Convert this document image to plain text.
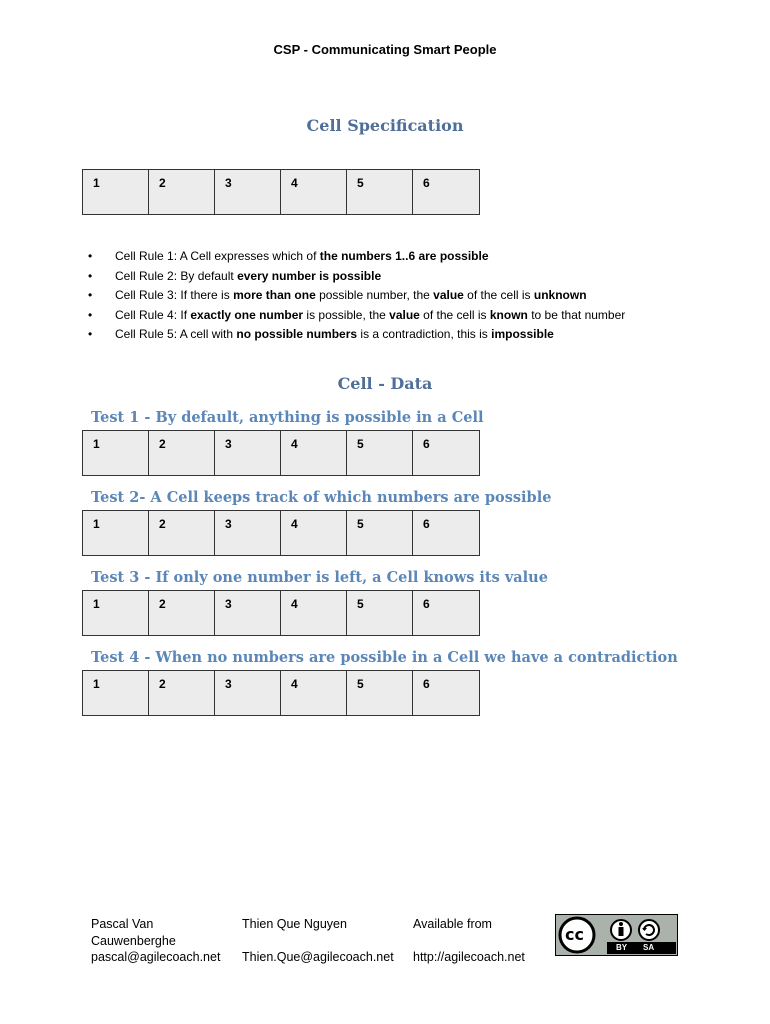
CSP - Communicating Smart People
Cell Specification
1	2	3	4	5	6
•Cell Rule 1: A Cell expresses which of the numbers 1..6 are possible
•Cell Rule 2: By default every number is possible
•Cell Rule 3: If there is more than one possible number, the value of the cell is unknown
•Cell Rule 4: If exactly one number is possible, the value of the cell is known to be that number
•Cell Rule 5: A cell with no possible numbers is a contradiction, this is impossible
Cell - Data
Test 1 - By default, anything is possible in a Cell
1	2	3	4	5	6
Test 2- A Cell keeps track of which numbers are possible
1	2	3	4	5	6
Test 3 - If only one number is left, a Cell knows its value
1	2	3	4	5	6
Test 4 - When no numbers are possible in a Cell we have a contradiction
1	2	3	4	5	6
Pascal Van
Cauwenberghe
pascal@agilecoach.net
Thien Que Nguyen
Thien.Que@agilecoach.net
Available from
http://agilecoach.net
cc
BY SA
